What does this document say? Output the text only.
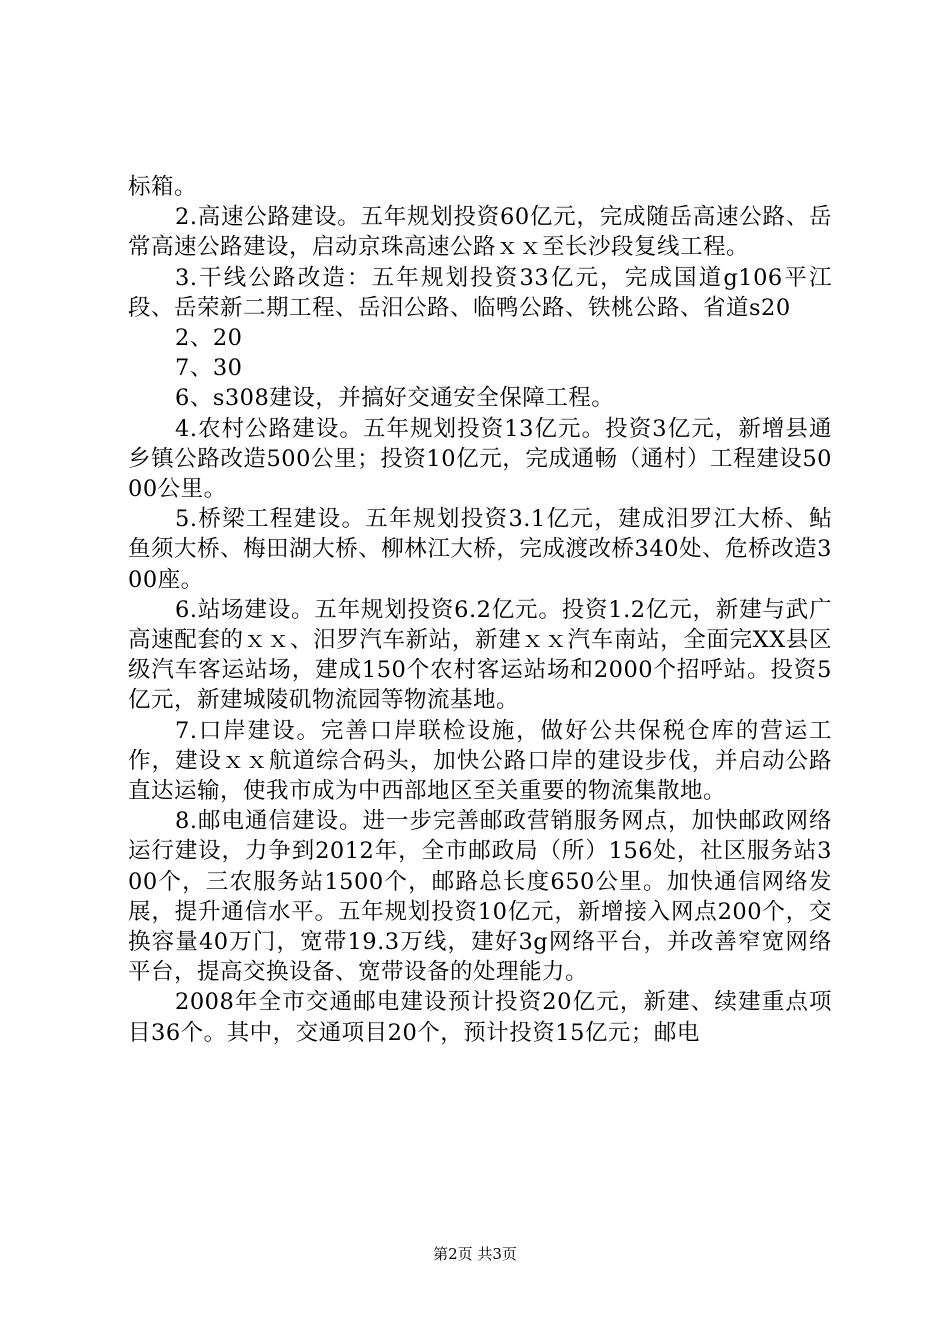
标箱。

2.高速公路建设。五年规划投资60亿元，完成随岳高速公路、岳常高速公路建设，启动京珠高速公路ｘｘ至长沙段复线工程。

3.干线公路改造：五年规划投资33亿元，完成国道g106平江段、岳荣新二期工程、岳汨公路、临鸭公路、铁桃公路、省道s20

2、20

7、30

6、s308建设，并搞好交通安全保障工程。

4.农村公路建设。五年规划投资13亿元。投资3亿元，新增县通乡镇公路改造500公里；投资10亿元，完成通畅（通村）工程建设5000公里。

5.桥梁工程建设。五年规划投资3.1亿元，建成汨罗江大桥、鲇鱼须大桥、梅田湖大桥、柳林江大桥，完成渡改桥340处、危桥改造300座。

6.站场建设。五年规划投资6.2亿元。投资1.2亿元，新建与武广高速配套的ｘｘ、汨罗汽车新站，新建ｘｘ汽车南站，全面完XX县区级汽车客运站场，建成150个农村客运站场和2000个招呼站。投资5亿元，新建城陵矶物流园等物流基地。

7.口岸建设。完善口岸联检设施，做好公共保税仓库的营运工作，建设ｘｘ航道综合码头，加快公路口岸的建设步伐，并启动公路直达运输，使我市成为中西部地区至关重要的物流集散地。

8.邮电通信建设。进一步完善邮政营销服务网点，加快邮政网络运行建设，力争到2012年，全市邮政局（所）156处，社区服务站300个，三农服务站1500个，邮路总长度650公里。加快通信网络发展，提升通信水平。五年规划投资10亿元，新增接入网点200个，交换容量40万门，宽带19.3万线，建好3g网络平台，并改善窄宽网络平台，提高交换设备、宽带设备的处理能力。

2008年全市交通邮电建设预计投资20亿元，新建、续建重点项目36个。其中，交通项目20个，预计投资15亿元；邮电

第2页 共3页
